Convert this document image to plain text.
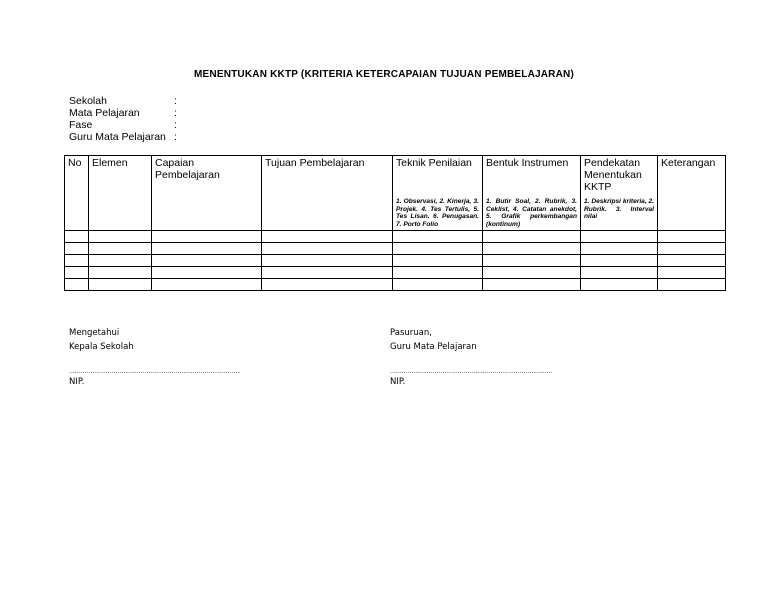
MENENTUKAN KKTP (KRITERIA KETERCAPAIAN TUJUAN PEMBELAJARAN)
Sekolah	:
Mata Pelajaran	:
Fase	:
Guru Mata Pelajaran :
No	Elemen	Capaian Pembelajaran	Tujuan Pembelajaran	Teknik Penilaian	Bentuk Instrumen	Pendekatan Menentukan KKTP	Keterangan

				1. Observasi, 2. Kinerja, 3. Projek. 4. Tes Tertulis, 5. Tes Lisan. 6. Penugasan. 7. Porto Folio	1. Butir Soal, 2. Rubrik, 3. Ceklist, 4. Catatan anekdot, 5. Grafik perkembangan (kontinum)	1. Deskripsi kriteria, 2. Rubrik. 3. Interval nilai	

Mengetahui
Kepala Sekolah
……………………………………………………………………………..
NIP.
Pasuruan,
Guru Mata Pelajaran
…………………………………………………………………………
NIP.
